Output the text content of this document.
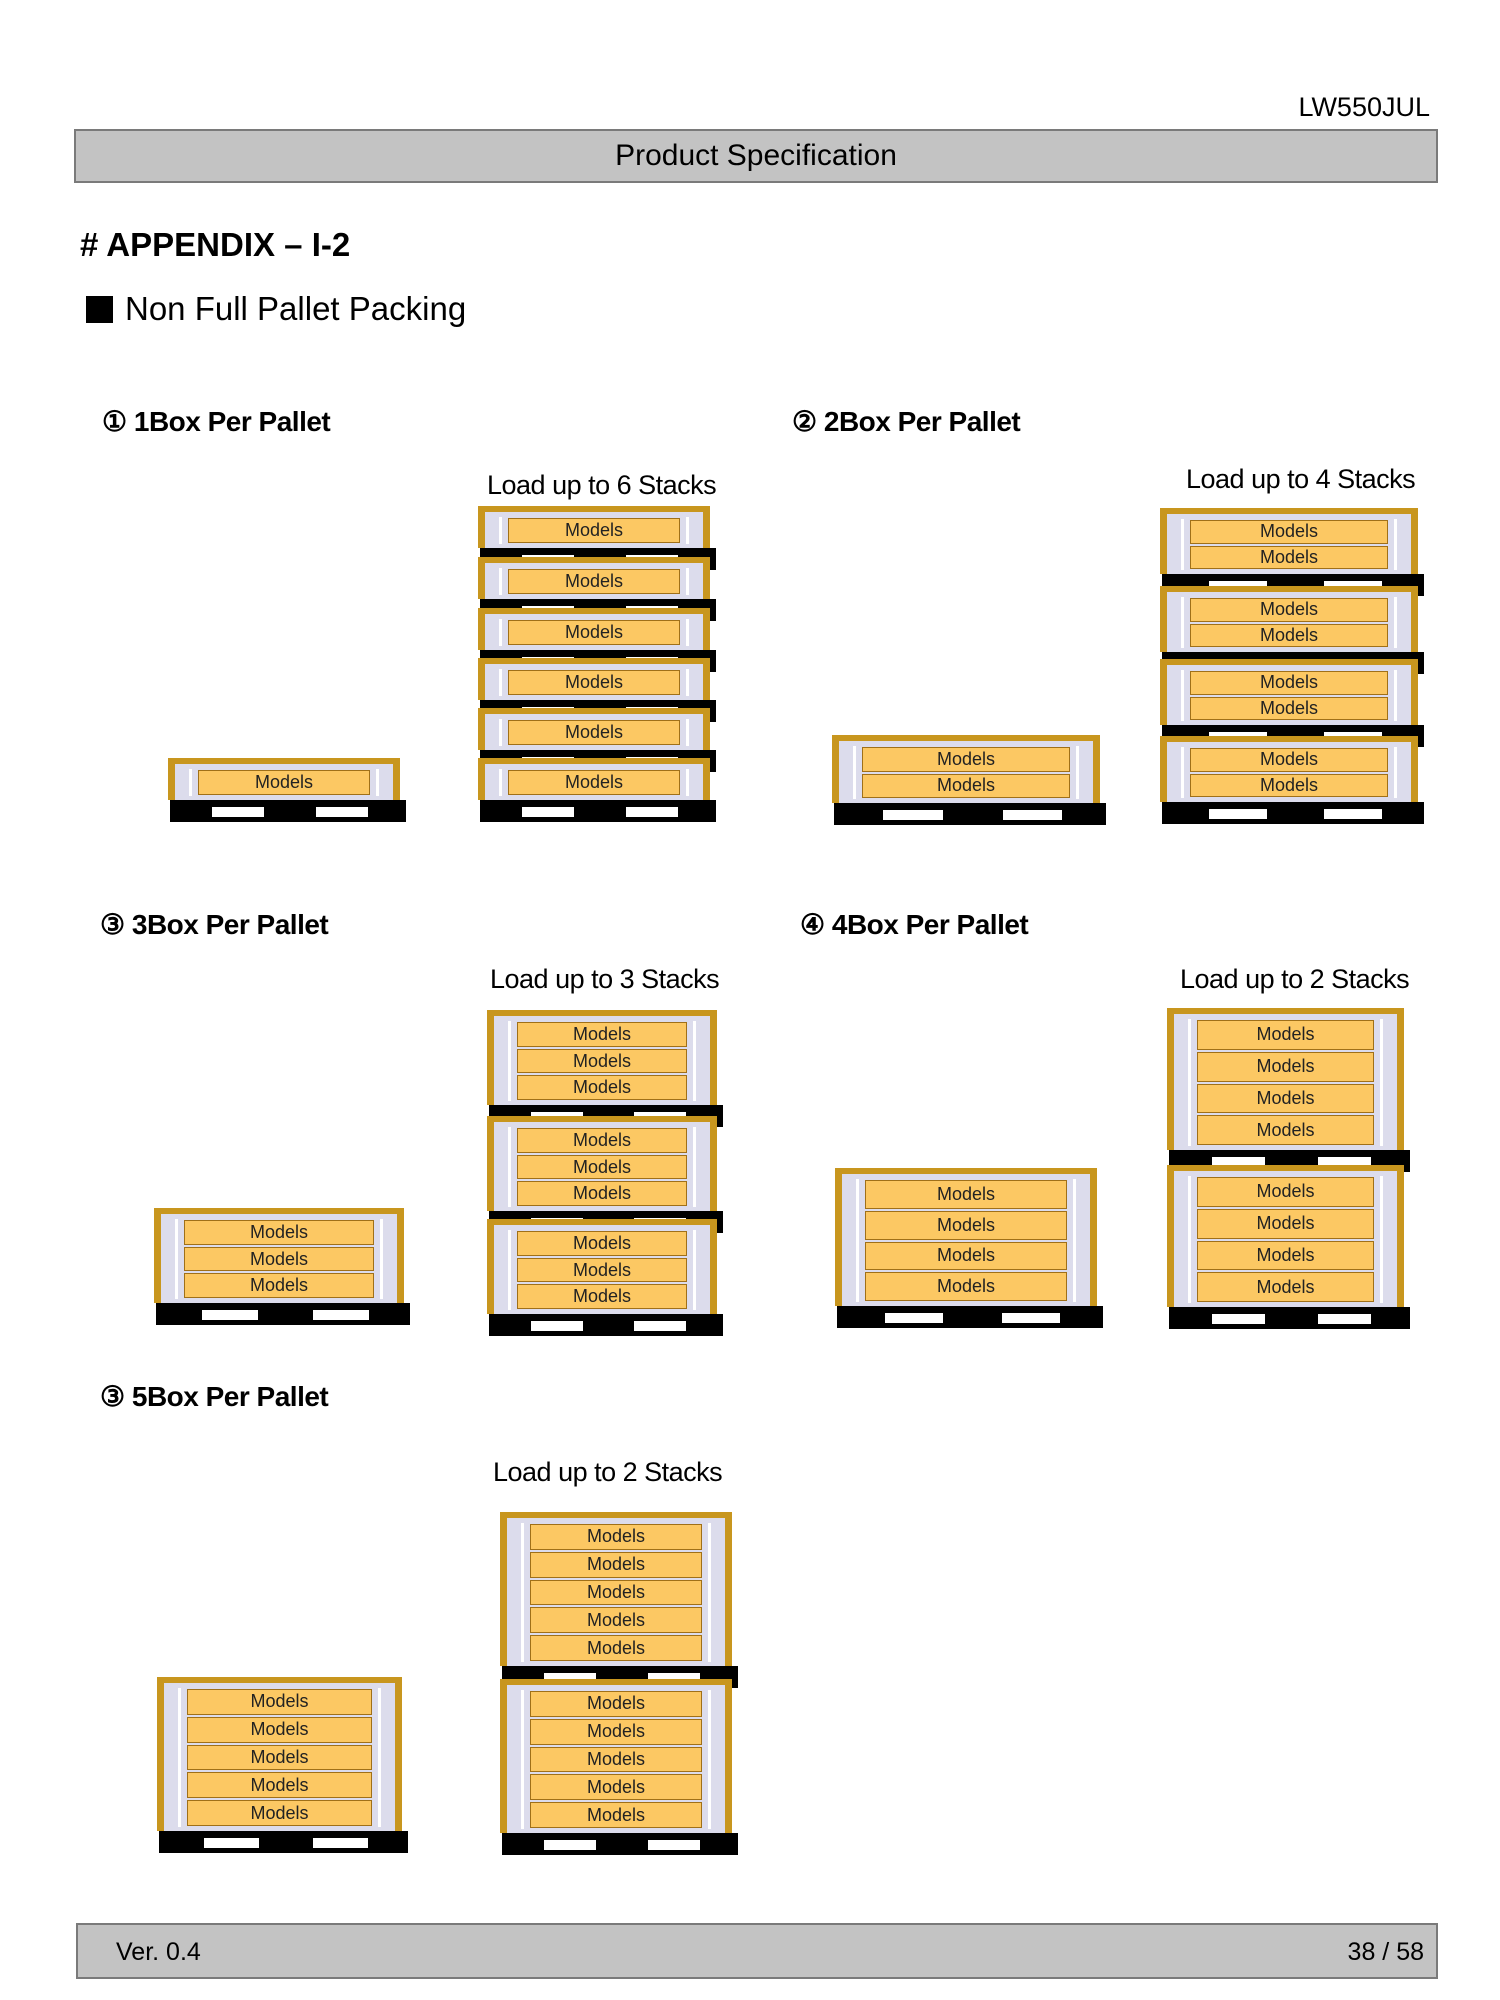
LW550JUL
Product Specification
# APPENDIX – I-2
Non Full Pallet Packing
① 1Box Per Pallet	② 2Box Per Pallet
③ 3Box Per Pallet	④ 4Box Per Pallet
③ 5Box Per Pallet
Load up to 6 Stacks	Load up to 4 Stacks
Load up to 3 Stacks	Load up to 2 Stacks
Load up to 2 Stacks
Models
Models
Models
Models
Models
Models
Models
Models
Models
Models
Models
Models
Models
Models
Models
Models
Models
Models
Models
Models
Models
Models
Models
Models
Models
Models
Models
Models
Models
Models
Models
Models
Models
Models
Models
Models
Models
Models
Models
Models
Models
Models
Models
Models
Models
Models
Models
Models
Models
Models
Models
Models
Models
Models
Models
Models
Ver. 0.4	38 / 58
